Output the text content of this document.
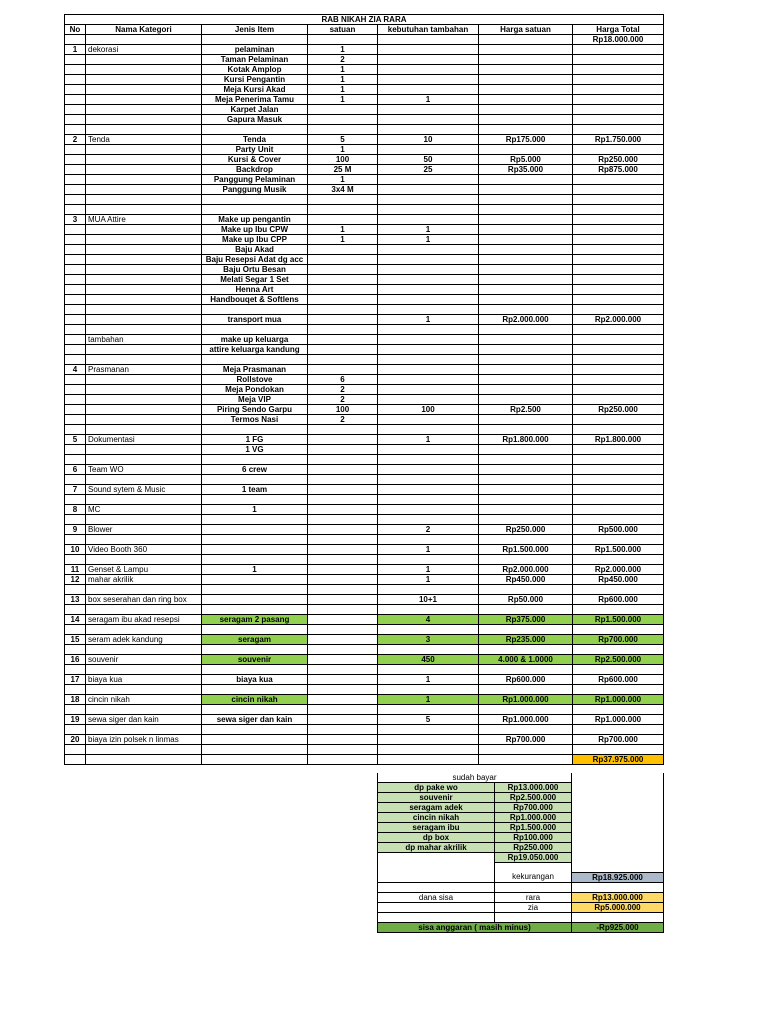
RAB NIKAH ZIA RARA						
No	Nama Kategori	Jenis Item	satuan	kebutuhan tambahan	Harga satuan	Harga Total
						Rp18.000.000
1	dekorasi	pelaminan	1			
		Taman Pelaminan	2			
		Kotak Amplop	1			
		Kursi Pengantin	1			
		Meja Kursi Akad	1			
		Meja Penerima Tamu	1	1		
		Karpet Jalan				
		Gapura Masuk				

2	Tenda	Tenda	5	10	Rp175.000	Rp1.750.000
		Party Unit	1			
		Kursi & Cover	100	50	Rp5.000	Rp250.000
		Backdrop	25 M	25	Rp35.000	Rp875.000
		Panggung Pelaminan	1			
		Panggung Musik	3x4 M			

3	MUA Attire	Make up pengantin				
		Make up Ibu CPW	1	1		
		Make up Ibu CPP	1	1		
		Baju Akad				
		Baju Resepsi Adat dg acc				
		Baju Ortu Besan				
		Melati Segar 1 Set				
		Henna Art				
		Handbouqet & Softlens				

		transport mua		1	Rp2.000.000	Rp2.000.000

	tambahan	make up keluarga				
		attire keluarga kandung				

4	Prasmanan	Meja Prasmanan				
		Rollstove	6			
		Meja Pondokan	2			
		Meja VIP	2			
		Piring Sendo Garpu	100	100	Rp2.500	Rp250.000
		Termos Nasi	2			

5	Dokumentasi	1 FG		1	Rp1.800.000	Rp1.800.000
		1 VG				

6	Team WO	6 crew				

7	Sound sytem & Music	1 team				

8	MC	1				

9	Blower			2	Rp250.000	Rp500.000

10	Video Booth 360			1	Rp1.500.000	Rp1.500.000

11	Genset & Lampu	1		1	Rp2.000.000	Rp2.000.000
12	mahar akrilik			1	Rp450.000	Rp450.000

13	box seserahan dan ring box			10+1	Rp50.000	Rp600.000

14	seragam ibu akad resepsi	seragam 2 pasang		4	Rp375.000	Rp1.500.000

15	seram adek kandung	seragam		3	Rp235.000	Rp700.000

16	souvenir	souvenir		450	4.000 & 1.0000	Rp2.500.000

17	biaya kua	biaya kua		1	Rp600.000	Rp600.000

18	cincin nikah	cincin nikah		1	Rp1.000.000	Rp1.000.000

19	sewa siger dan kain	sewa siger dan kain		5	Rp1.000.000	Rp1.000.000

20	biaya izin polsek n linmas				Rp700.000	Rp700.000

						Rp37.975.000
sudah bayar		
dp pake wo	Rp13.000.000	
souvenir	Rp2.500.000	
seragam adek	Rp700.000	
cincin nikah	Rp1.000.000	
seragam ibu	Rp1.500.000	
dp box	Rp100.000	
dp mahar akrilik	Rp250.000	
	Rp19.050.000	

	kekurangan	Rp18.925.000

dana sisa	rara	Rp13.000.000
	zia	Rp5.000.000

sisa anggaran ( masih minus)		-Rp925.000
